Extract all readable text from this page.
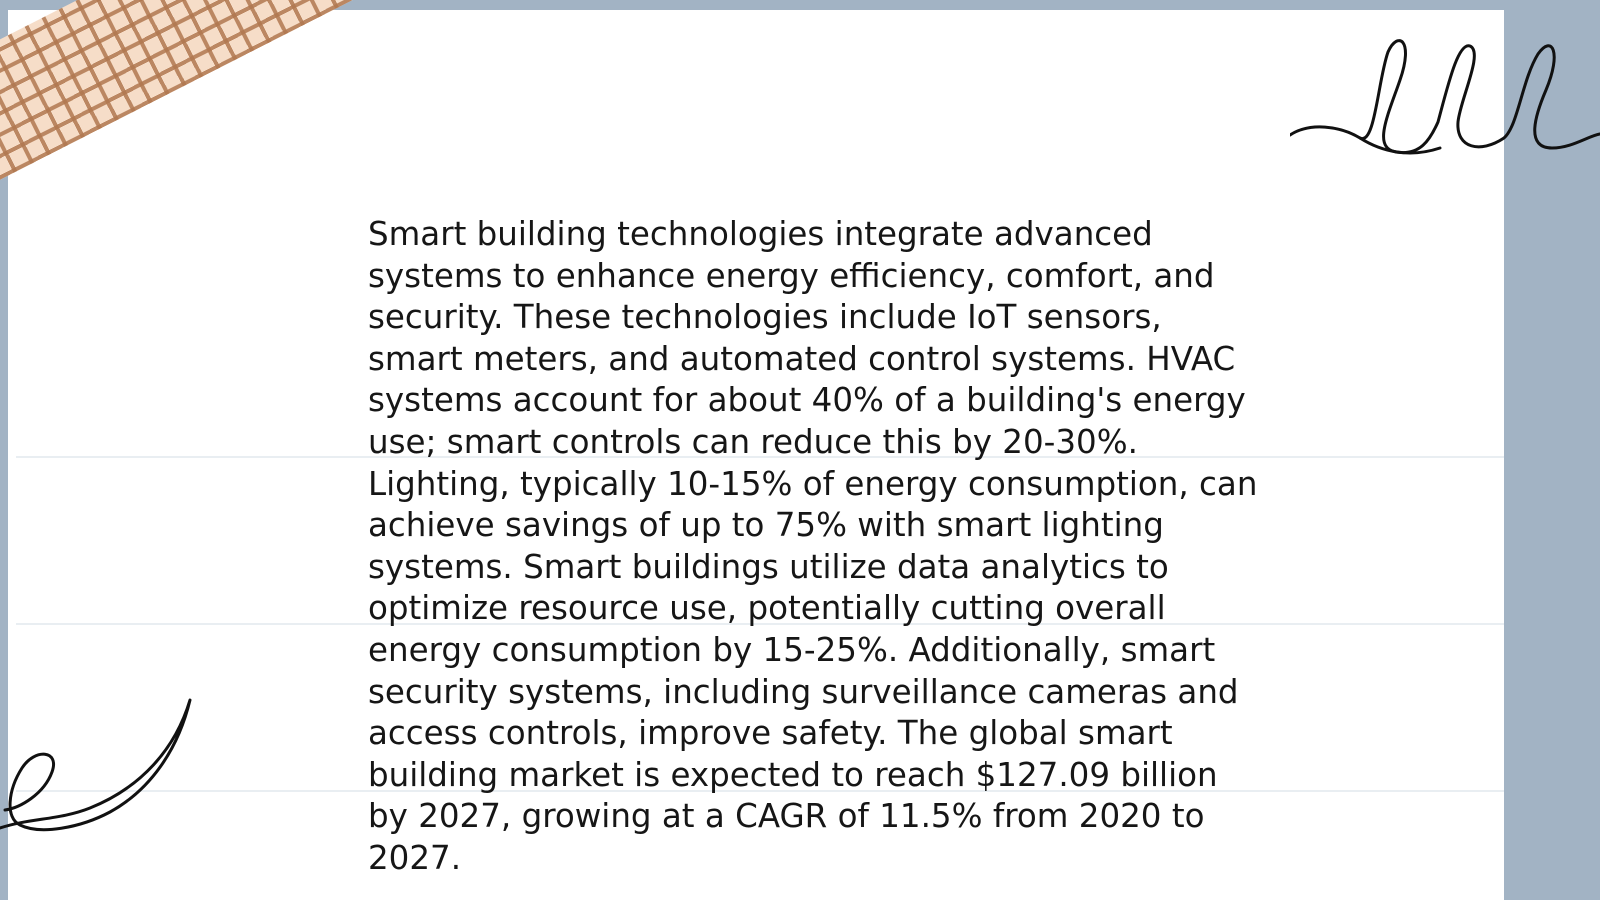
Smart building technologies integrate advanced
systems to enhance energy efficiency, comfort, and
security. These technologies include IoT sensors,
smart meters, and automated control systems. HVAC
systems account for about 40% of a building's energy
use; smart controls can reduce this by 20-30%.
Lighting, typically 10-15% of energy consumption, can
achieve savings of up to 75% with smart lighting
systems. Smart buildings utilize data analytics to
optimize resource use, potentially cutting overall
energy consumption by 15-25%. Additionally, smart
security systems, including surveillance cameras and
access controls, improve safety. The global smart
building market is expected to reach $127.09 billion
by 2027, growing at a CAGR of 11.5% from 2020 to
2027.
